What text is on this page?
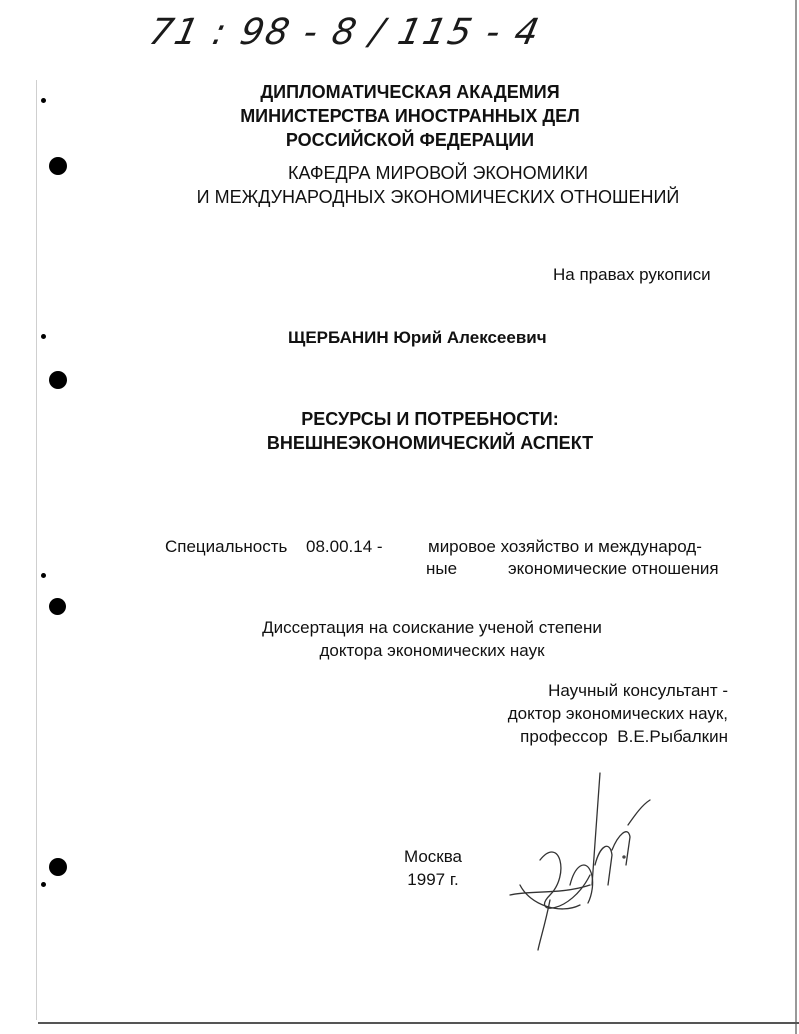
71 : 98 - 8 / 115 - 4
ДИПЛОМАТИЧЕСКАЯ АКАДЕМИЯ
МИНИСТЕРСТВА ИНОСТРАННЫХ ДЕЛ
РОССИЙСКОЙ ФЕДЕРАЦИИ
КАФЕДРА МИРОВОЙ ЭКОНОМИКИ
И МЕЖДУНАРОДНЫХ ЭКОНОМИЧЕСКИХ ОТНОШЕНИЙ
На правах рукописи
ЩЕРБАНИН Юрий Алексеевич
РЕСУРСЫ И ПОТРЕБНОСТИ:
ВНЕШНЕЭКОНОМИЧЕСКИЙ АСПЕКТ
Специальность 08.00.14 -	мировое хозяйство и международ-
ные	экономические отношения
Диссертация на соискание ученой степени
доктора экономических наук
Научный консультант -
доктор экономических наук,
профессор  В.Е.Рыбалкин
Москва
1997 г.
